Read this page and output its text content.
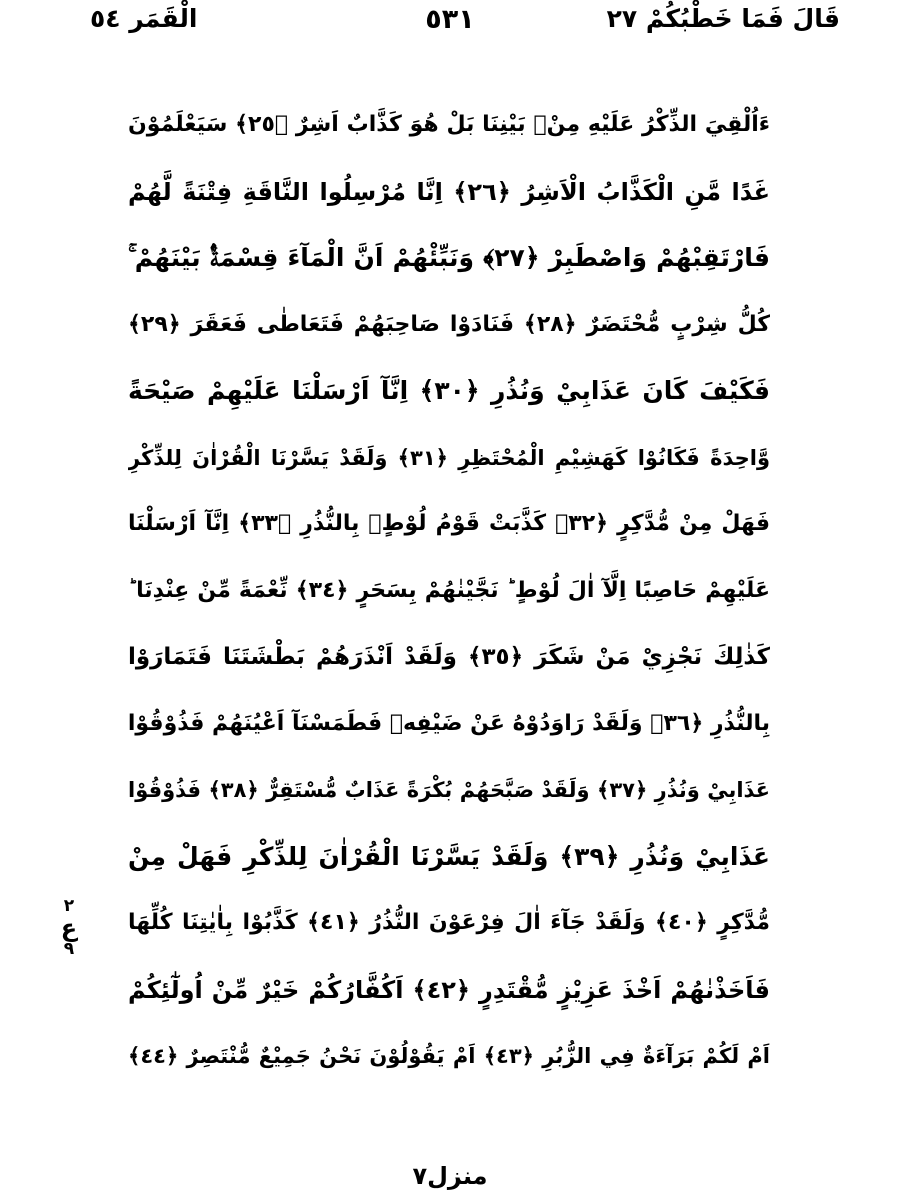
قَالَ فَمَا خَطْبُكُمْ ٢٧
٥٣١
الْقَمَر ٥٤
ءَاُلْقِيَ الذِّكْرُ عَلَيْهِ مِنْۢ بَيْنِنَا بَلْ هُوَ كَذَّابٌ اَشِرٌ ﴿٢٥﴾ سَيَعْلَمُوْنَ
غَدًا مَّنِ الْكَذَّابُ الْاَشِرُ ﴿٢٦﴾ اِنَّا مُرْسِلُوا النَّاقَةِ فِتْنَةً لَّهُمْ
فَارْتَقِبْهُمْ وَاصْطَبِرْ ﴿٢٧﴾ وَنَبِّئْهُمْ اَنَّ الْمَآءَ قِسْمَةٌۢ بَيْنَهُمْ ۚ
كُلُّ شِرْبٍ مُّحْتَضَرٌ ﴿٢٨﴾ فَنَادَوْا صَاحِبَهُمْ فَتَعَاطٰى فَعَقَرَ ﴿٢٩﴾
فَكَيْفَ كَانَ عَذَابِيْ وَنُذُرِ ﴿٣٠﴾ اِنَّآ اَرْسَلْنَا عَلَيْهِمْ صَيْحَةً
وَّاحِدَةً فَكَانُوْا كَهَشِيْمِ الْمُحْتَظِرِ ﴿٣١﴾ وَلَقَدْ يَسَّرْنَا الْقُرْاٰنَ لِلذِّكْرِ
فَهَلْ مِنْ مُّدَّكِرٍ ﴿٣٢﴾ كَذَّبَتْ قَوْمُ لُوْطٍۢ بِالنُّذُرِ ﴿٣٣﴾ اِنَّآ اَرْسَلْنَا
عَلَيْهِمْ حَاصِبًا اِلَّآ اٰلَ لُوْطٍ ؕ نَجَّيْنٰهُمْ بِسَحَرٍ ﴿٣٤﴾ نِّعْمَةً مِّنْ عِنْدِنَا ؕ
كَذٰلِكَ نَجْزِيْ مَنْ شَكَرَ ﴿٣٥﴾ وَلَقَدْ اَنْذَرَهُمْ بَطْشَتَنَا فَتَمَارَوْا
بِالنُّذُرِ ﴿٣٦﴾ وَلَقَدْ رَاوَدُوْهُ عَنْ ضَيْفِهٖ فَطَمَسْنَآ اَعْيُنَهُمْ فَذُوْقُوْا
عَذَابِيْ وَنُذُرِ ﴿٣٧﴾ وَلَقَدْ صَبَّحَهُمْ بُكْرَةً عَذَابٌ مُّسْتَقِرٌّ ﴿٣٨﴾ فَذُوْقُوْا
عَذَابِيْ وَنُذُرِ ﴿٣٩﴾ وَلَقَدْ يَسَّرْنَا الْقُرْاٰنَ لِلذِّكْرِ فَهَلْ مِنْ
مُّدَّكِرٍ ﴿٤٠﴾ وَلَقَدْ جَآءَ اٰلَ فِرْعَوْنَ النُّذُرُ ﴿٤١﴾ كَذَّبُوْا بِاٰيٰتِنَا كُلِّهَا
فَاَخَذْنٰهُمْ اَخْذَ عَزِيْزٍ مُّقْتَدِرٍ ﴿٤٢﴾ اَكُفَّارُكُمْ خَيْرٌ مِّنْ اُولٰٓئِكُمْ
اَمْ لَكُمْ بَرَآءَةٌ فِي الزُّبُرِ ﴿٤٣﴾ اَمْ يَقُوْلُوْنَ نَحْنُ جَمِيْعٌ مُّنْتَصِرٌ ﴿٤٤﴾
٢
ع
٩
منزل٧
